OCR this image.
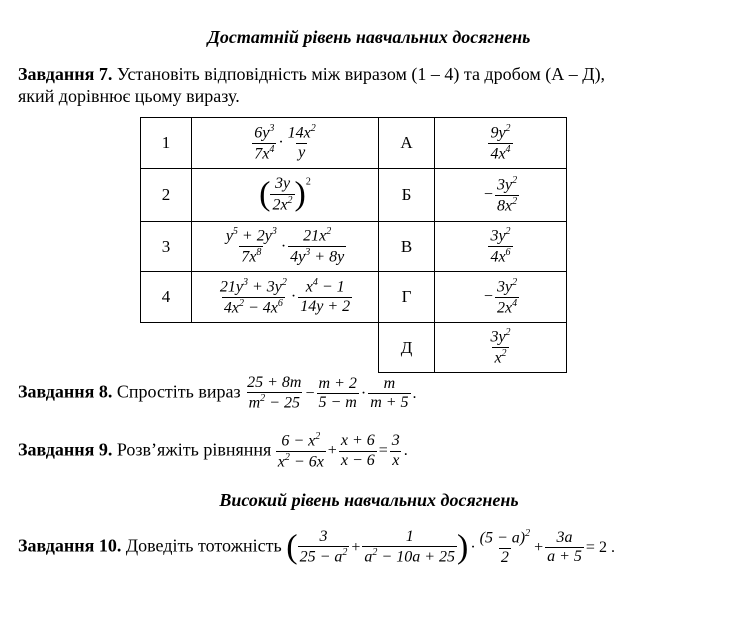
Достатній рівень навчальних досягнень
Завдання 7. Установіть відповідність між виразом (1 – 4) та дробом (А – Д),
який дорівнює цьому виразу.
1	$\frac{6y^3}{7x^4} \cdot \frac{14x^2}{y}$	А	$\frac{9y^2}{4x^4}$

2	( $\frac{3y}{2x^2} )^2$	Б	− $\frac{3y^2}{8x^2}$

3	$\frac{y^5 + 2y^3}{7x^8} \cdot \frac{21x^2}{4y^3 + 8y}$	В	$\frac{3y^2}{4x^6}$

4	$\frac{21y^3 + 3y^2}{4x^2 - 4x^6} \cdot \frac{x^4 - 1}{14y + 2}$	Г	− $\frac{3y^2}{2x^4}$

		Д	$\frac{3y^2}{x^2}$
Завдання 8. Спростіть вираз $\frac{25 + 8m}{m^2 - 25} - \frac{m + 2}{5 - m} \cdot \frac{m}{m + 5}$ .
Завдання 9. Розв’яжіть рівняння $\frac{6 - x^2}{x^2 - 6x} + \frac{x + 6}{x - 6} = \frac{3}{x}$ .
Високий рівень навчальних досягнень
Завдання 10. Доведіть тотожність ( $\frac{3}{25 - a^2} + \frac{1}{a^2 - 10a + 25}$ ) · $\frac{(5 - a)^2}{2} + \frac{3a}{a + 5} = 2$ .
